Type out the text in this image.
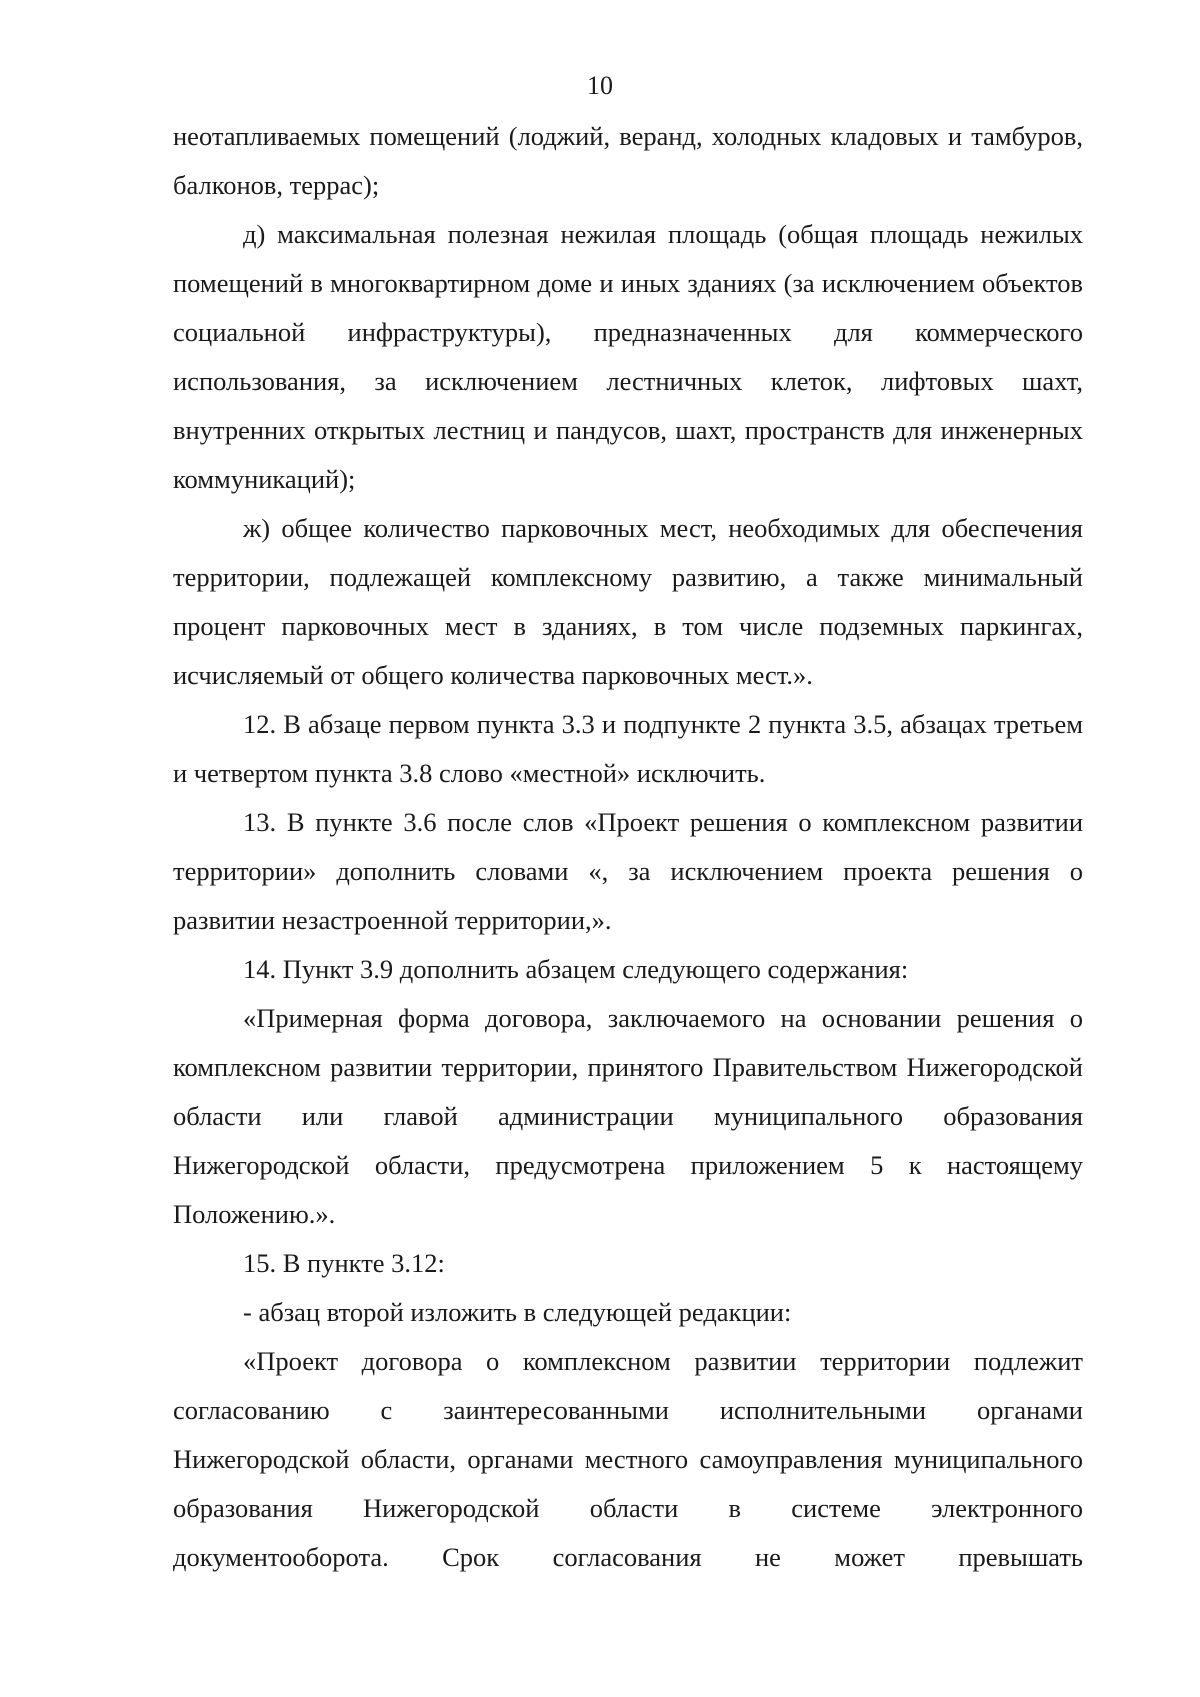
10

неотапливаемых помещений (лоджий, веранд, холодных кладовых и тамбуров, балконов, террас);

д) максимальная полезная нежилая площадь (общая площадь нежилых помещений в многоквартирном доме и иных зданиях (за исключением объектов социальной инфраструктуры), предназначенных для коммерческого использования, за исключением лестничных клеток, лифтовых шахт, внутренних открытых лестниц и пандусов, шахт, пространств для инженерных коммуникаций);

ж) общее количество парковочных мест, необходимых для обеспечения территории, подлежащей комплексному развитию, а также минимальный процент парковочных мест в зданиях, в том числе подземных паркингах, исчисляемый от общего количества парковочных мест.».

12. В абзаце первом пункта 3.3 и подпункте 2 пункта 3.5, абзацах третьем и четвертом пункта 3.8 слово «местной» исключить.

13. В пункте 3.6 после слов «Проект решения о комплексном развитии территории» дополнить словами «, за исключением проекта решения о развитии незастроенной территории,».

14. Пункт 3.9 дополнить абзацем следующего содержания:

«Примерная форма договора, заключаемого на основании решения о комплексном развитии территории, принятого Правительством Нижегородской области или главой администрации муниципального образования Нижегородской области, предусмотрена приложением 5 к настоящему Положению.».

15. В пункте 3.12:

- абзац второй изложить в следующей редакции:

«Проект договора о комплексном развитии территории подлежит согласованию с заинтересованными исполнительными органами Нижегородской области, органами местного самоуправления муниципального образования Нижегородской области в системе электронного документооборота. Срок согласования не может превышать
